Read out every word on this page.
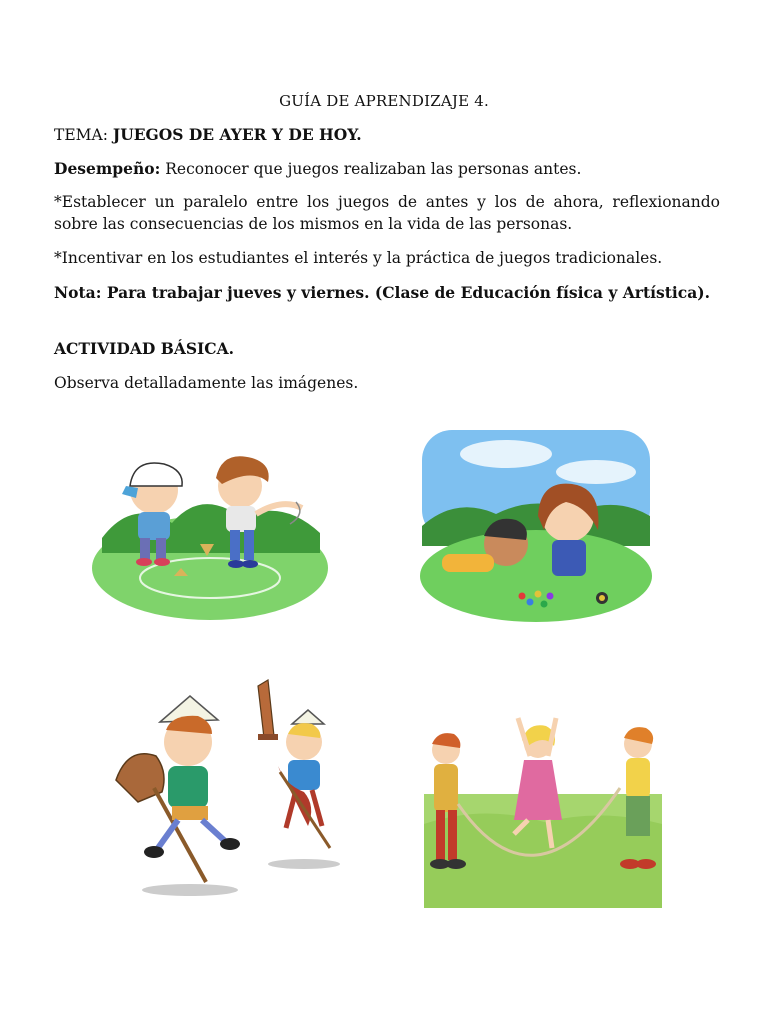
GUÍA DE APRENDIZAJE 4.
TEMA: JUEGOS DE AYER Y DE HOY.
Desempeño: Reconocer que juegos realizaban las personas antes.
*Establecer un paralelo entre los juegos de antes y los de ahora, reflexionando sobre las consecuencias de los mismos en la vida de las personas.
*Incentivar en los estudiantes el interés y la práctica de juegos tradicionales.
Nota: Para trabajar jueves y viernes. (Clase de Educación física y Artística).
ACTIVIDAD BÁSICA.
Observa detalladamente las imágenes.
